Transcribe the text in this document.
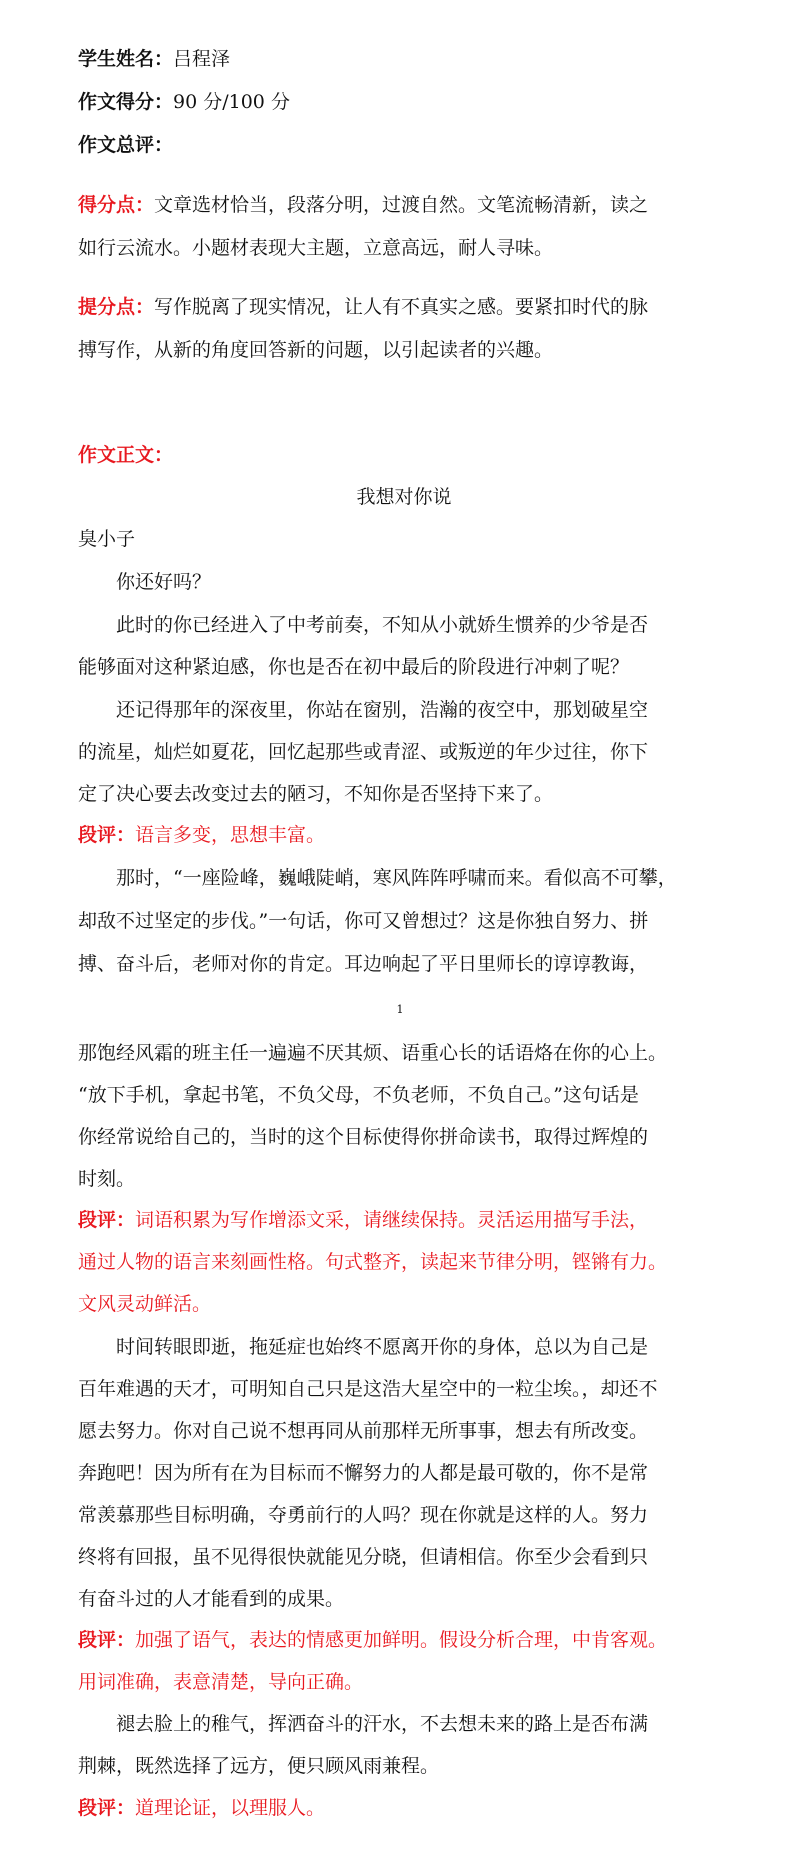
学生姓名：吕程泽
作文得分：90 分/100 分
作文总评：
得分点：文章选材恰当，段落分明，过渡自然。文笔流畅清新，读之
如行云流水。小题材表现大主题，立意高远，耐人寻味。
提分点：写作脱离了现实情况，让人有不真实之感。要紧扣时代的脉
搏写作，从新的角度回答新的问题，以引起读者的兴趣。
作文正文：
我想对你说
臭小子
你还好吗？
此时的你已经进入了中考前奏，不知从小就娇生惯养的少爷是否
能够面对这种紧迫感，你也是否在初中最后的阶段进行冲刺了呢？
还记得那年的深夜里，你站在窗别，浩瀚的夜空中，那划破星空
的流星，灿烂如夏花，回忆起那些或青涩、或叛逆的年少过往，你下
定了决心要去改变过去的陋习，不知你是否坚持下来了。
段评：语言多变，思想丰富。
那时，“一座险峰，巍峨陡峭，寒风阵阵呼啸而来。看似高不可攀，
却敌不过坚定的步伐。”一句话，你可又曾想过？这是你独自努力、拼
搏、奋斗后，老师对你的肯定。耳边响起了平日里师长的谆谆教诲，
1
那饱经风霜的班主任一遍遍不厌其烦、语重心长的话语烙在你的心上。
“放下手机，拿起书笔，不负父母，不负老师，不负自己。”这句话是
你经常说给自己的，当时的这个目标使得你拼命读书，取得过辉煌的
时刻。
段评：词语积累为写作增添文采，请继续保持。灵活运用描写手法，
通过人物的语言来刻画性格。句式整齐，读起来节律分明，铿锵有力。
文风灵动鲜活。
时间转眼即逝，拖延症也始终不愿离开你的身体，总以为自己是
百年难遇的天才，可明知自己只是这浩大星空中的一粒尘埃。，却还不
愿去努力。你对自己说不想再同从前那样无所事事，想去有所改变。
奔跑吧！因为所有在为目标而不懈努力的人都是最可敬的，你不是常
常羡慕那些目标明确，夺勇前行的人吗？现在你就是这样的人。努力
终将有回报，虽不见得很快就能见分晓，但请相信。你至少会看到只
有奋斗过的人才能看到的成果。
段评：加强了语气，表达的情感更加鲜明。假设分析合理，中肯客观。
用词准确，表意清楚，导向正确。
褪去脸上的稚气，挥洒奋斗的汗水，不去想未来的路上是否布满
荆棘，既然选择了远方，便只顾风雨兼程。
段评：道理论证，以理服人。
